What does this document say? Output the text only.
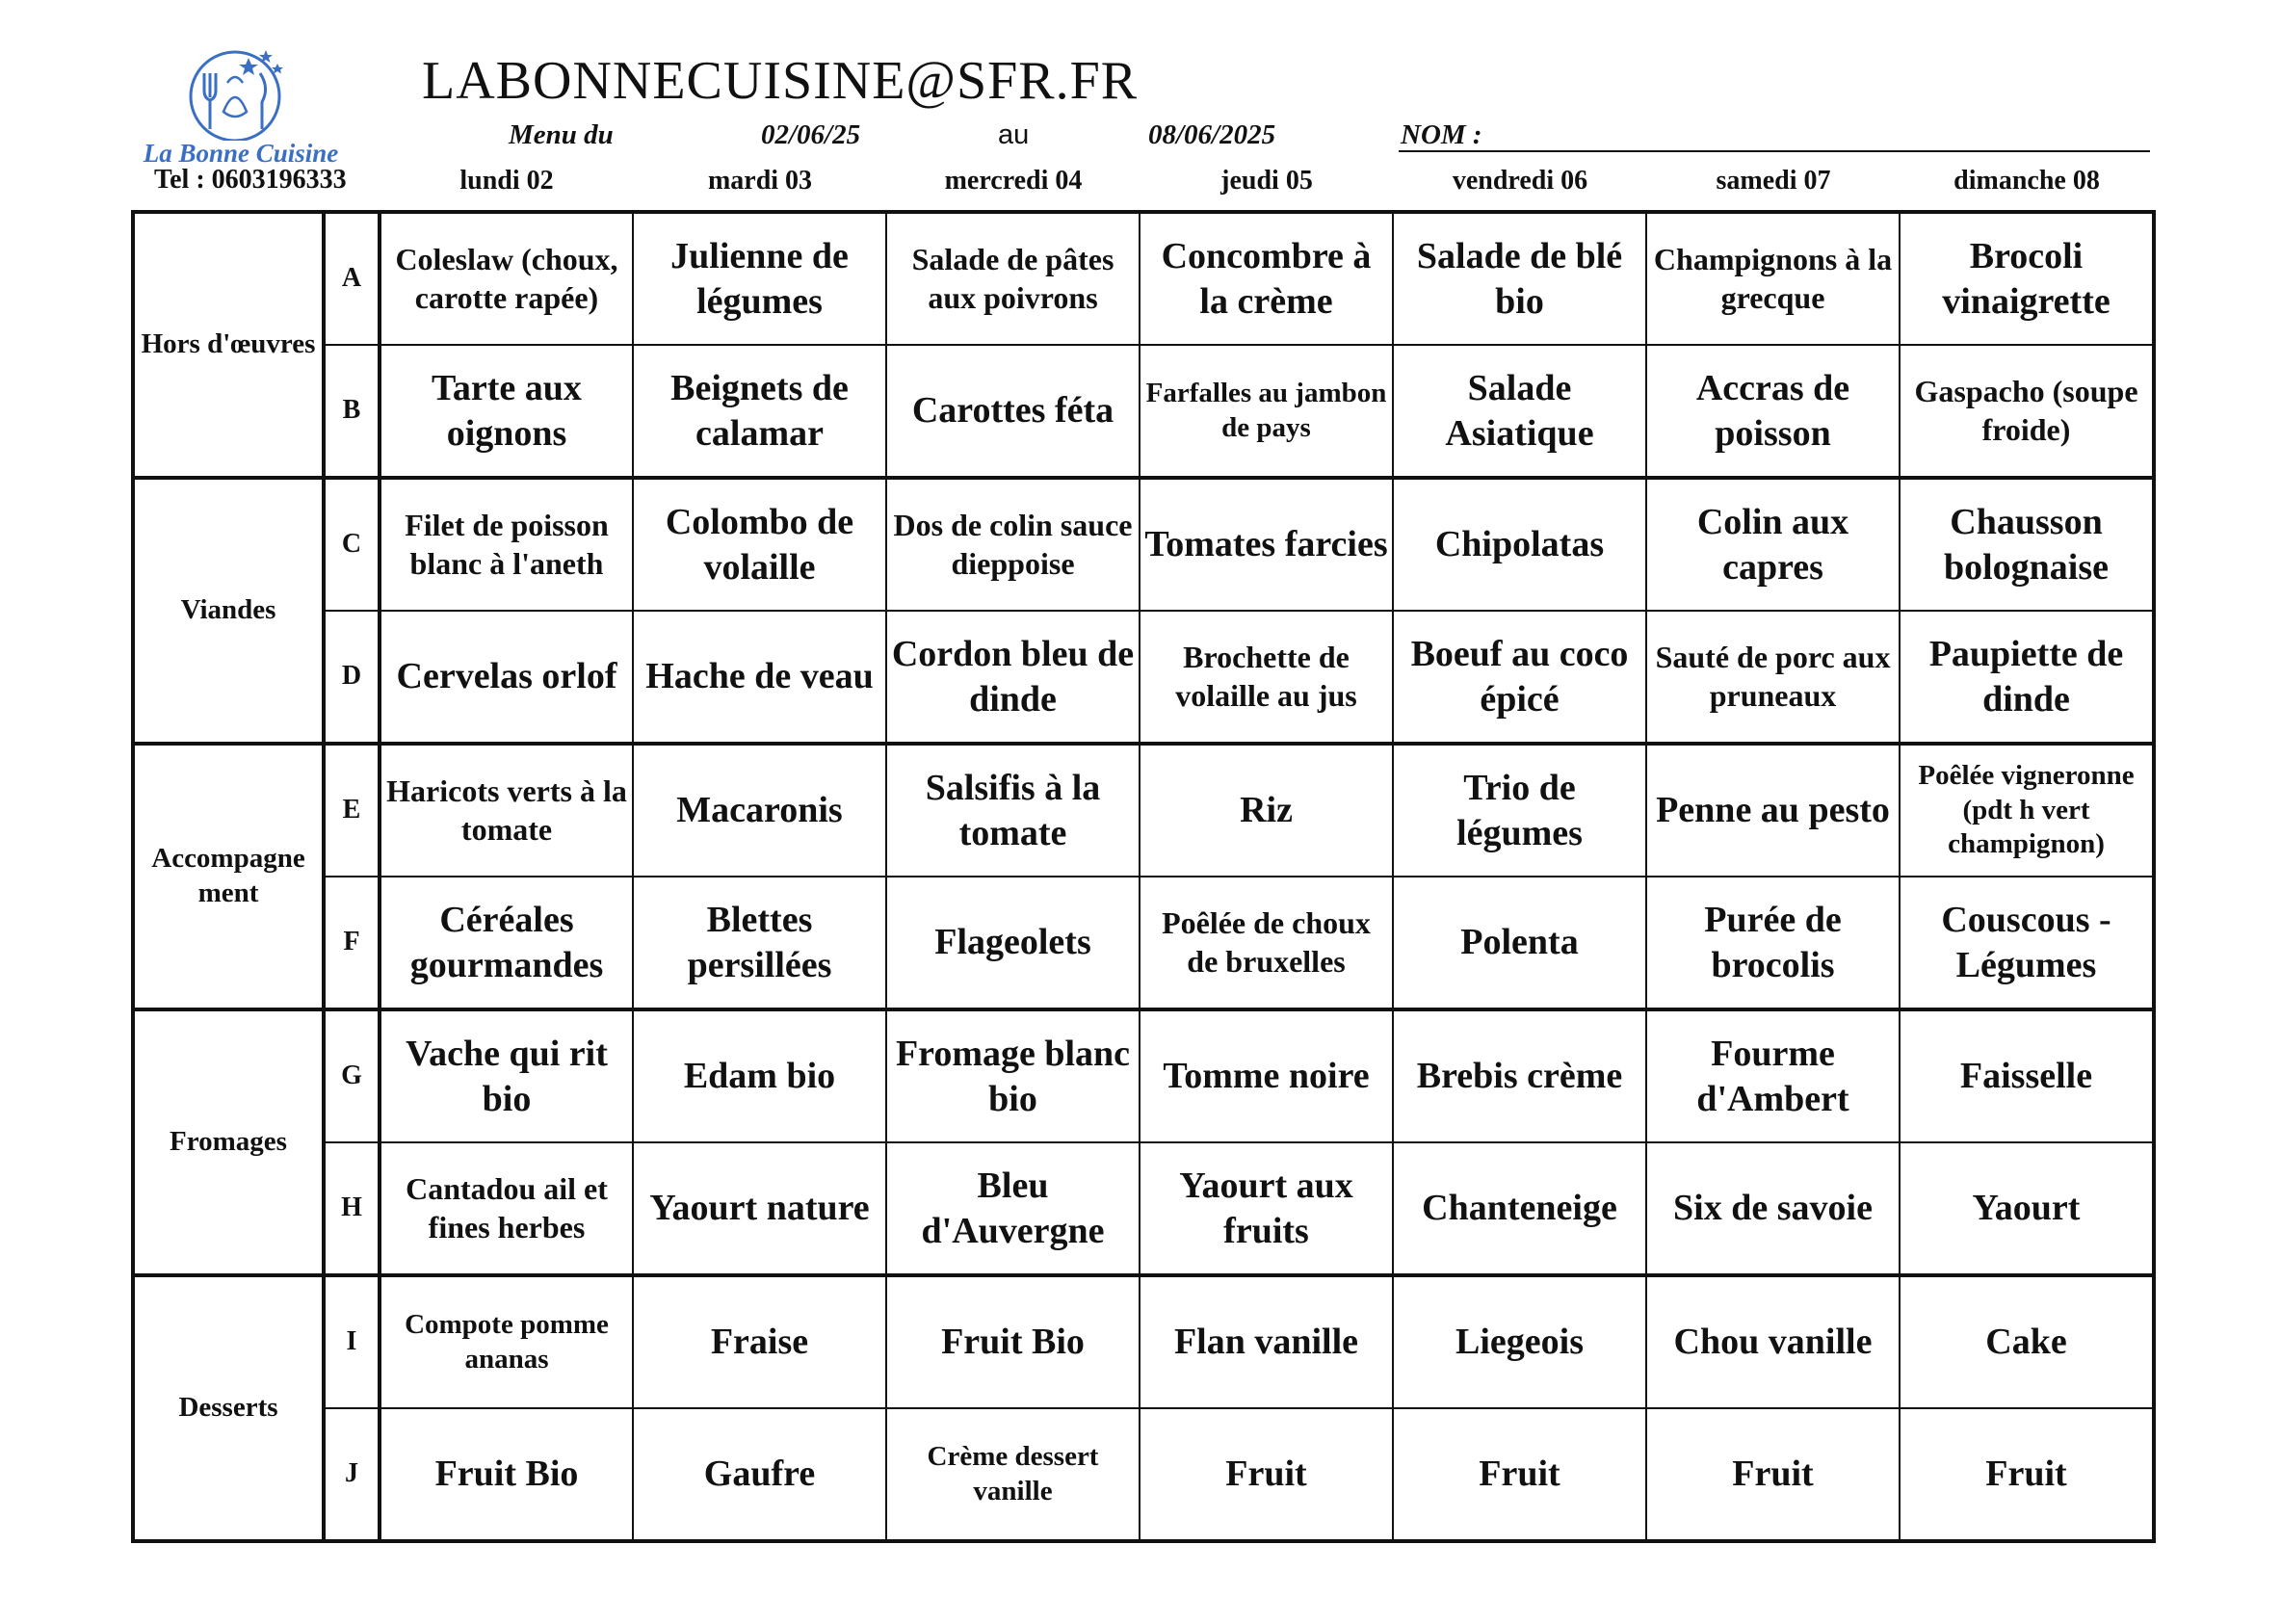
La Bonne Cuisine
LABONNECUISINE@SFR.FR
Menu du	02/06/25	au	08/06/2025	NOM :
Tel : 0603196333	lundi 02	mardi 03	mercredi 04	jeudi 05	vendredi 06	samedi 07	dimanche 08
Hors d'œuvres	A	Coleslaw (choux, carotte rapée)	Julienne de légumes	Salade de pâtes aux poivrons	Concombre à la crème	Salade de blé bio	Champignons à la grecque	Brocoli vinaigrette
	B	Tarte aux oignons	Beignets de calamar	Carottes féta	Farfalles au jambon de pays	Salade Asiatique	Accras de poisson	Gaspacho (soupe froide)
Viandes	C	Filet de poisson blanc à l'aneth	Colombo de volaille	Dos de colin sauce dieppoise	Tomates farcies	Chipolatas	Colin aux capres	Chausson bolognaise
	D	Cervelas orlof	Hache de veau	Cordon bleu de dinde	Brochette de volaille au jus	Boeuf au coco épicé	Sauté de porc aux pruneaux	Paupiette de dinde
Accompagne ment	E	Haricots verts à la tomate	Macaronis	Salsifis à la tomate	Riz	Trio de légumes	Penne au pesto	Poêlée vigneronne (pdt h vert champignon)
	F	Céréales gourmandes	Blettes persillées	Flageolets	Poêlée de choux de bruxelles	Polenta	Purée de brocolis	Couscous - Légumes
Fromages	G	Vache qui rit bio	Edam bio	Fromage blanc bio	Tomme noire	Brebis crème	Fourme d'Ambert	Faisselle
	H	Cantadou ail et fines herbes	Yaourt nature	Bleu d'Auvergne	Yaourt aux fruits	Chanteneige	Six de savoie	Yaourt
Desserts	I	Compote pomme ananas	Fraise	Fruit Bio	Flan vanille	Liegeois	Chou vanille	Cake
	J	Fruit Bio	Gaufre	Crème dessert vanille	Fruit	Fruit	Fruit	Fruit
